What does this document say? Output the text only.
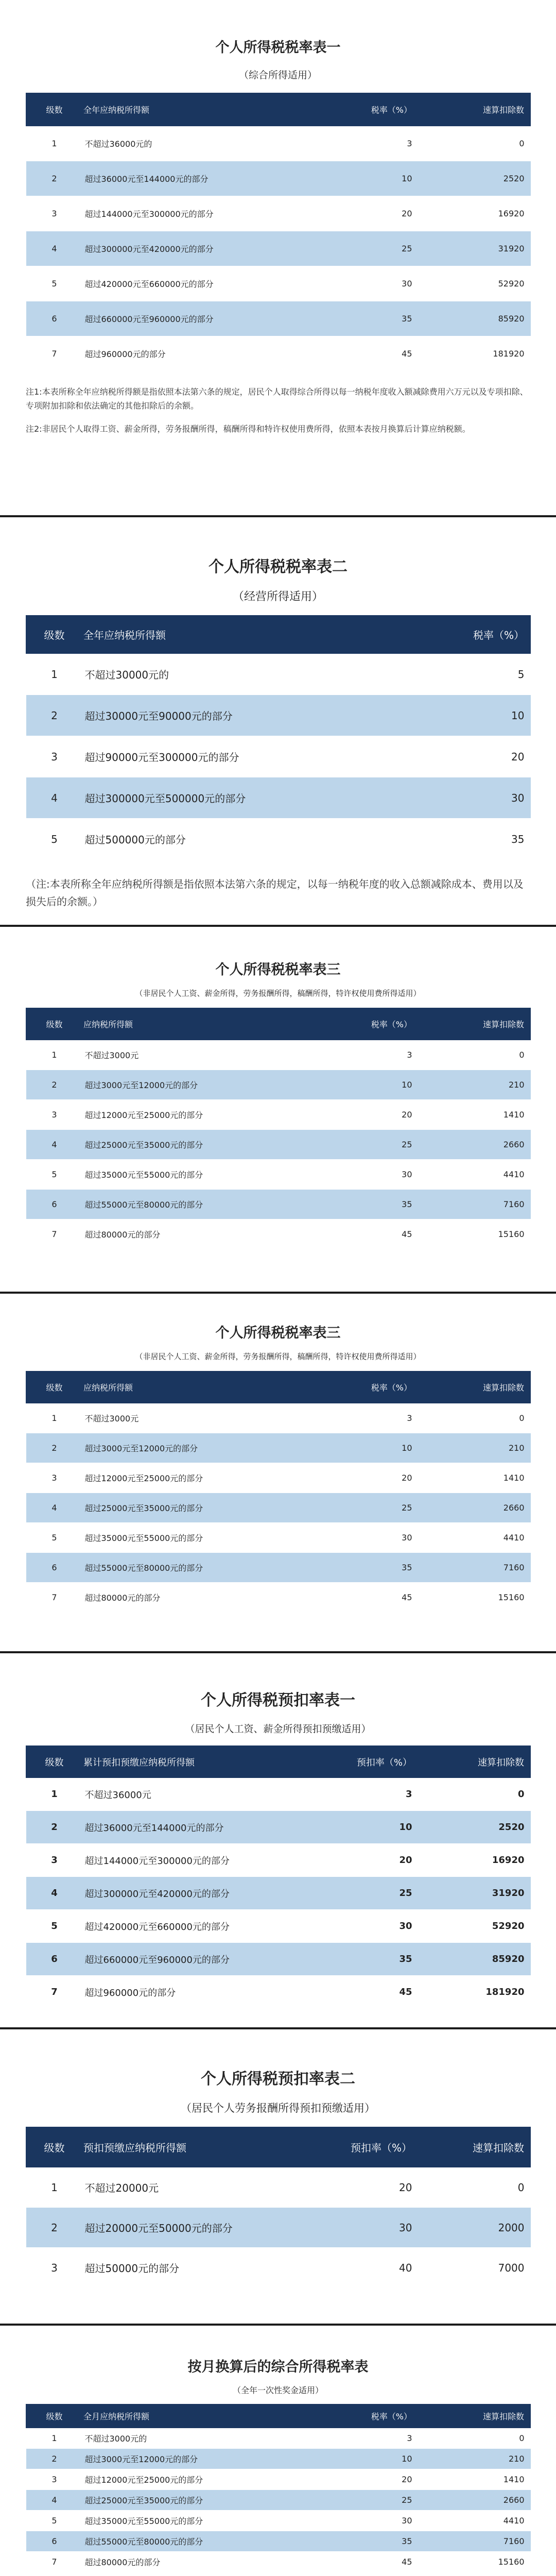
个人所得税税率表一

（综合所得适用）

级数	全年应纳税所得额	税率（%）	速算扣除数
1	不超过36000元的	3	0
2	超过36000元至144000元的部分	10	2520
3	超过144000元至300000元的部分	20	16920
4	超过300000元至420000元的部分	25	31920
5	超过420000元至660000元的部分	30	52920
6	超过660000元至960000元的部分	35	85920
7	超过960000元的部分	45	181920

注1:本表所称全年应纳税所得额是指依照本法第六条的规定，居民个人取得综合所得以每一纳税年度收入额减除费用六万元以及专项扣除、专项附加扣除和依法确定的其他扣除后的余额。

注2:非居民个人取得工资、薪金所得，劳务报酬所得，稿酬所得和特许权使用费所得，依照本表按月换算后计算应纳税额。

个人所得税税率表二

（经营所得适用）

级数	全年应纳税所得额	税率（%）
1	不超过30000元的	5
2	超过30000元至90000元的部分	10
3	超过90000元至300000元的部分	20
4	超过300000元至500000元的部分	30
5	超过500000元的部分	35

（注:本表所称全年应纳税所得额是指依照本法第六条的规定，以每一纳税年度的收入总额减除成本、费用以及损失后的余额。）

个人所得税税率表三

（非居民个人工资、薪金所得，劳务报酬所得，稿酬所得，特许权使用费所得适用）

级数	应纳税所得额	税率（%）	速算扣除数
1	不超过3000元	3	0
2	超过3000元至12000元的部分	10	210
3	超过12000元至25000元的部分	20	1410
4	超过25000元至35000元的部分	25	2660
5	超过35000元至55000元的部分	30	4410
6	超过55000元至80000元的部分	35	7160
7	超过80000元的部分	45	15160

个人所得税税率表三

（非居民个人工资、薪金所得，劳务报酬所得，稿酬所得，特许权使用费所得适用）

级数	应纳税所得额	税率（%）	速算扣除数
1	不超过3000元	3	0
2	超过3000元至12000元的部分	10	210
3	超过12000元至25000元的部分	20	1410
4	超过25000元至35000元的部分	25	2660
5	超过35000元至55000元的部分	30	4410
6	超过55000元至80000元的部分	35	7160
7	超过80000元的部分	45	15160

个人所得税预扣率表一

（居民个人工资、薪金所得预扣预缴适用）

级数	累计预扣预缴应纳税所得额	预扣率（%）	速算扣除数
1	不超过36000元	3	0
2	超过36000元至144000元的部分	10	2520
3	超过144000元至300000元的部分	20	16920
4	超过300000元至420000元的部分	25	31920
5	超过420000元至660000元的部分	30	52920
6	超过660000元至960000元的部分	35	85920
7	超过960000元的部分	45	181920

个人所得税预扣率表二

（居民个人劳务报酬所得预扣预缴适用）

级数	预扣预缴应纳税所得额	预扣率（%）	速算扣除数
1	不超过20000元	20	0
2	超过20000元至50000元的部分	30	2000
3	超过50000元的部分	40	7000

按月换算后的综合所得税率表

（全年一次性奖金适用）

级数	全月应纳税所得额	税率（%）	速算扣除数
1	不超过3000元的	3	0
2	超过3000元至12000元的部分	10	210
3	超过12000元至25000元的部分	20	1410
4	超过25000元至35000元的部分	25	2660
5	超过35000元至55000元的部分	30	4410
6	超过55000元至80000元的部分	35	7160
7	超过80000元的部分	45	15160
